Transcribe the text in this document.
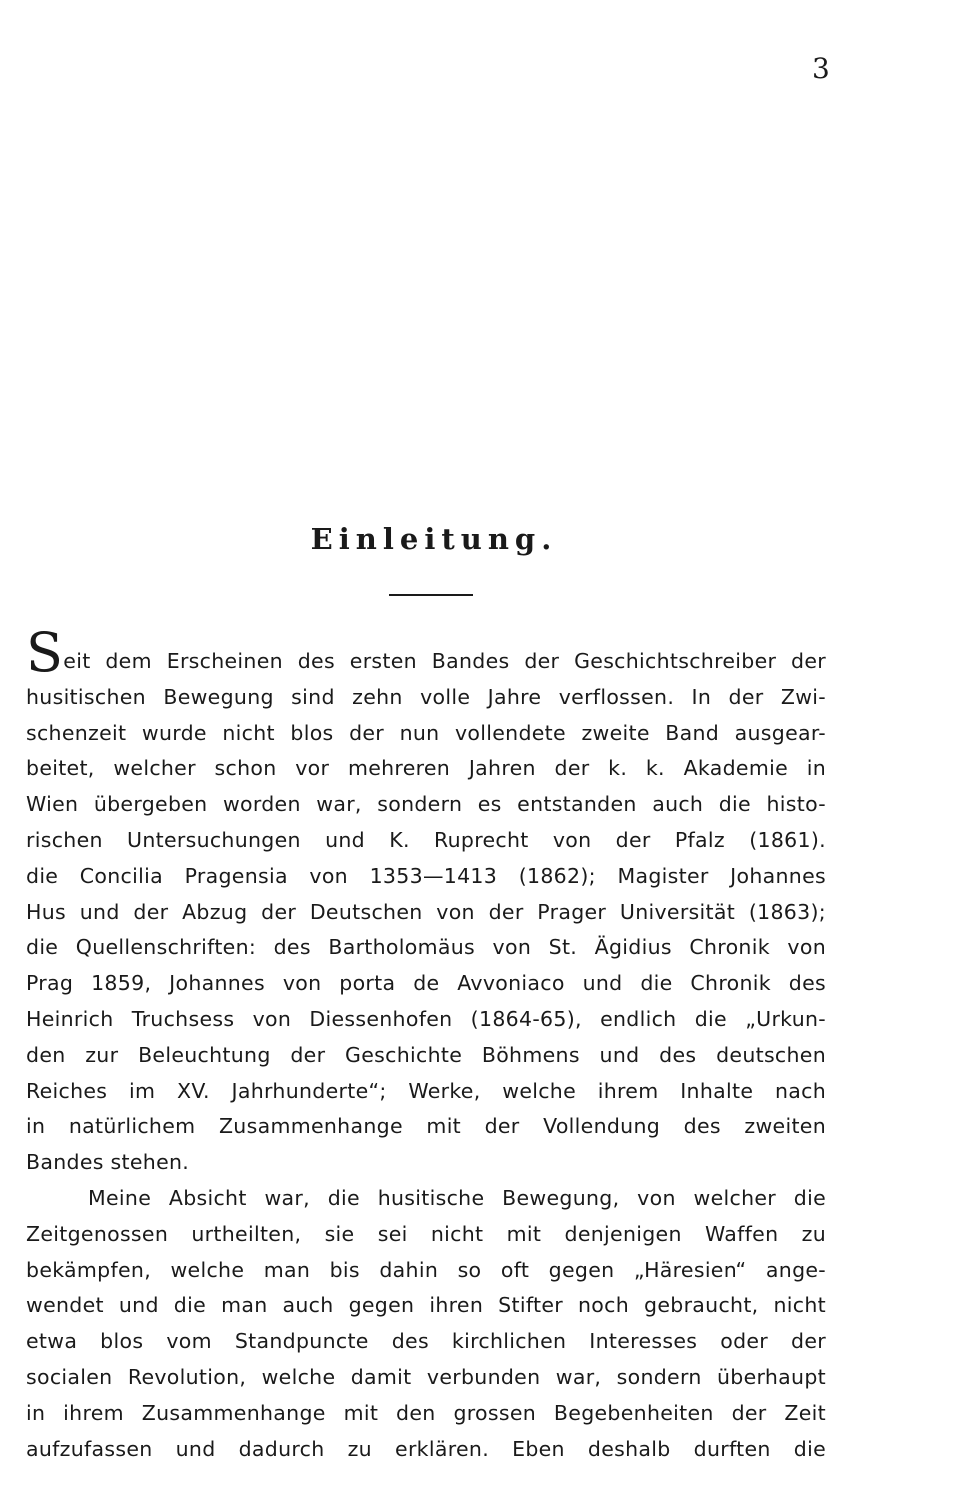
3
Einleitung.
Seit dem Erscheinen des ersten Bandes der Geschichtschreiber der
husitischen Bewegung sind zehn volle Jahre verflossen. In der Zwi-
schenzeit wurde nicht blos der nun vollendete zweite Band ausgear-
beitet, welcher schon vor mehreren Jahren der k. k. Akademie in
Wien übergeben worden war, sondern es entstanden auch die histo-
rischen Untersuchungen und K. Ruprecht von der Pfalz (1861).
die Concilia Pragensia von 1353—1413 (1862); Magister Johannes
Hus und der Abzug der Deutschen von der Prager Universität (1863);
die Quellenschriften: des Bartholomäus von St. Ägidius Chronik von
Prag 1859, Johannes von porta de Avvoniaco und die Chronik des
Heinrich Truchsess von Diessenhofen (1864-65), endlich die „Urkun-
den zur Beleuchtung der Geschichte Böhmens und des deutschen
Reiches im XV. Jahrhunderte“; Werke, welche ihrem Inhalte nach
in natürlichem Zusammenhange mit der Vollendung des zweiten
Bandes stehen.
Meine Absicht war, die husitische Bewegung, von welcher die
Zeitgenossen urtheilten, sie sei nicht mit denjenigen Waffen zu
bekämpfen, welche man bis dahin so oft gegen „Häresien“ ange-
wendet und die man auch gegen ihren Stifter noch gebraucht, nicht
etwa blos vom Standpuncte des kirchlichen Interesses oder der
socialen Revolution, welche damit verbunden war, sondern überhaupt
in ihrem Zusammenhange mit den grossen Begebenheiten der Zeit
aufzufassen und dadurch zu erklären. Eben deshalb durften die
